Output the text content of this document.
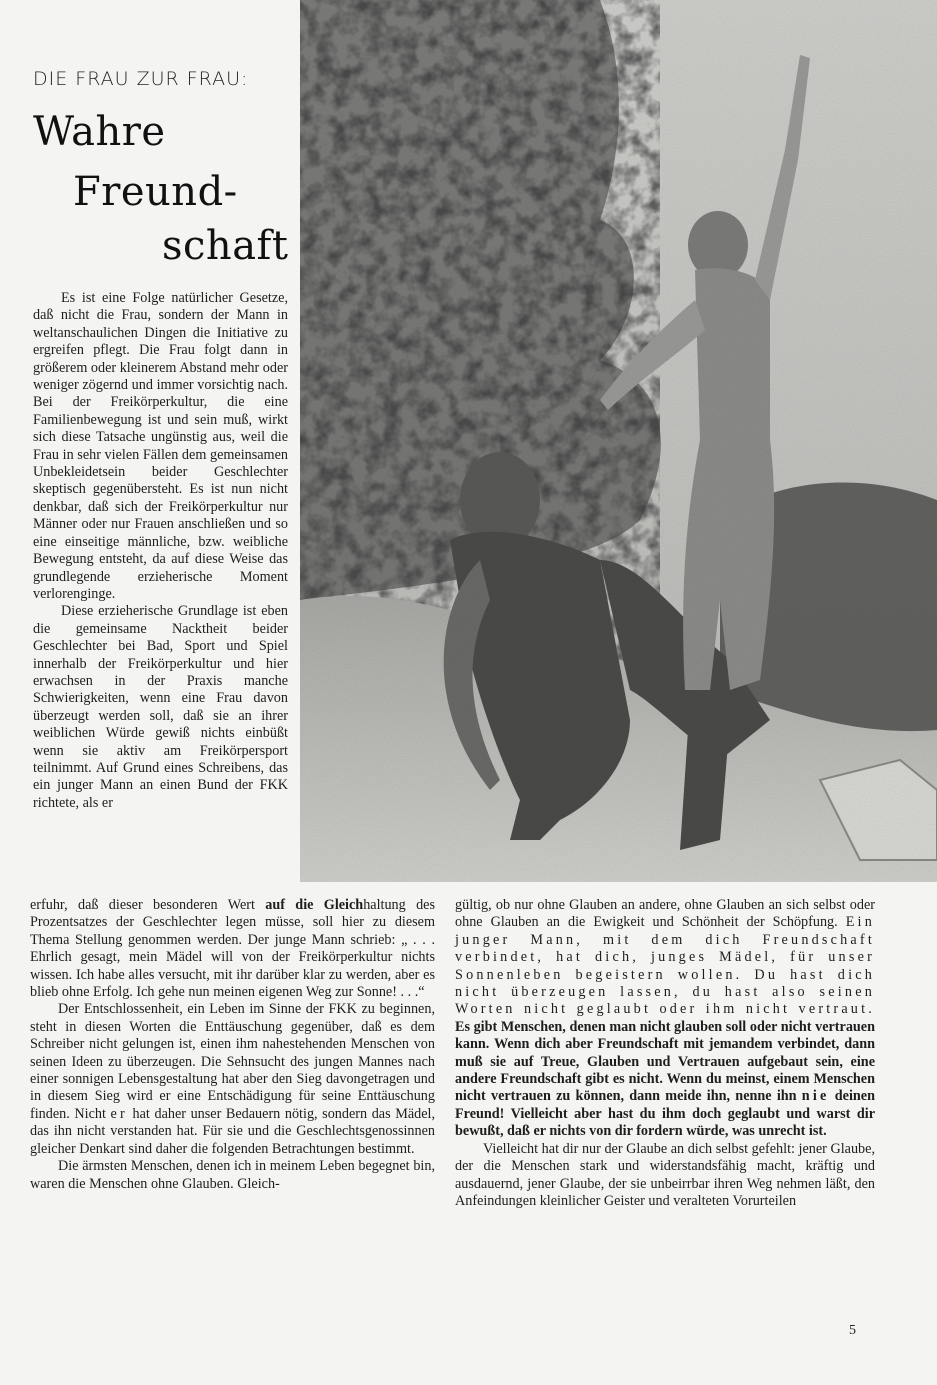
DIE FRAU ZUR FRAU:
Wahre
Freund-
schaft

Es ist eine Folge natürlicher Gesetze, daß nicht die Frau, sondern der Mann in weltanschaulichen Dingen die Initiative zu ergreifen pflegt. Die Frau folgt dann in größerem oder kleinerem Abstand mehr oder weniger zögernd und immer vorsichtig nach. Bei der Freikörperkultur, die eine Familienbewegung ist und sein muß, wirkt sich diese Tatsache ungünstig aus, weil die Frau in sehr vielen Fällen dem gemeinsamen Unbekleidetsein beider Geschlechter skeptisch gegenübersteht. Es ist nun nicht denkbar, daß sich der Freikörperkultur nur Männer oder nur Frauen anschließen und so eine einseitige männliche, bzw. weibliche Bewegung entsteht, da auf diese Weise das grundlegende erzieherische Moment verlorenginge.

Diese erzieherische Grundlage ist eben die gemeinsame Nacktheit beider Geschlechter bei Bad, Sport und Spiel innerhalb der Freikörperkultur und hier erwachsen in der Praxis manche Schwierigkeiten, wenn eine Frau davon überzeugt werden soll, daß sie an ihrer weiblichen Würde gewiß nichts einbüßt wenn sie aktiv am Freikörpersport teilnimmt. Auf Grund eines Schreibens, das ein junger Mann an einen Bund der FKK richtete, als er

erfuhr, daß dieser besonderen Wert auf die Gleichhaltung des Prozentsatzes der Geschlechter legen müsse, soll hier zu diesem Thema Stellung genommen werden. Der junge Mann schrieb: „ . . . Ehrlich gesagt, mein Mädel will von der Freikörperkultur nichts wissen. Ich habe alles versucht, mit ihr darüber klar zu werden, aber es blieb ohne Erfolg. Ich gehe nun meinen eigenen Weg zur Sonne! . . .“

Der Entschlossenheit, ein Leben im Sinne der FKK zu beginnen, steht in diesen Worten die Enttäuschung gegenüber, daß es dem Schreiber nicht gelungen ist, einen ihm nahestehenden Menschen von seinen Ideen zu überzeugen. Die Sehnsucht des jungen Mannes nach einer sonnigen Lebensgestaltung hat aber den Sieg davongetragen und in diesem Sieg wird er eine Entschädigung für seine Enttäuschung finden. Nicht er hat daher unser Bedauern nötig, sondern das Mädel, das ihn nicht verstanden hat. Für sie und die Geschlechtsgenossinnen gleicher Denkart sind daher die folgenden Betrachtungen bestimmt.

Die ärmsten Menschen, denen ich in meinem Leben begegnet bin, waren die Menschen ohne Glauben. Gleich-

gültig, ob nur ohne Glauben an andere, ohne Glauben an sich selbst oder ohne Glauben an die Ewigkeit und Schönheit der Schöpfung. Ein junger Mann, mit dem dich Freundschaft verbindet, hat dich, junges Mädel, für unser Sonnenleben begeistern wollen. Du hast dich nicht überzeugen lassen, du hast also seinen Worten nicht geglaubt oder ihm nicht vertraut. Es gibt Menschen, denen man nicht glauben soll oder nicht vertrauen kann. Wenn dich aber Freundschaft mit jemandem verbindet, dann muß sie auf Treue, Glauben und Vertrauen aufgebaut sein, eine andere Freundschaft gibt es nicht. Wenn du meinst, einem Menschen nicht vertrauen zu können, dann meide ihn, nenne ihn nie deinen Freund! Vielleicht aber hast du ihm doch geglaubt und warst dir bewußt, daß er nichts von dir fordern würde, was unrecht ist.

Vielleicht hat dir nur der Glaube an dich selbst gefehlt: jener Glaube, der die Menschen stark und widerstandsfähig macht, kräftig und ausdauernd, jener Glaube, der sie unbeirrbar ihren Weg nehmen läßt, den Anfeindungen kleinlicher Geister und veralteten Vorurteilen

5
